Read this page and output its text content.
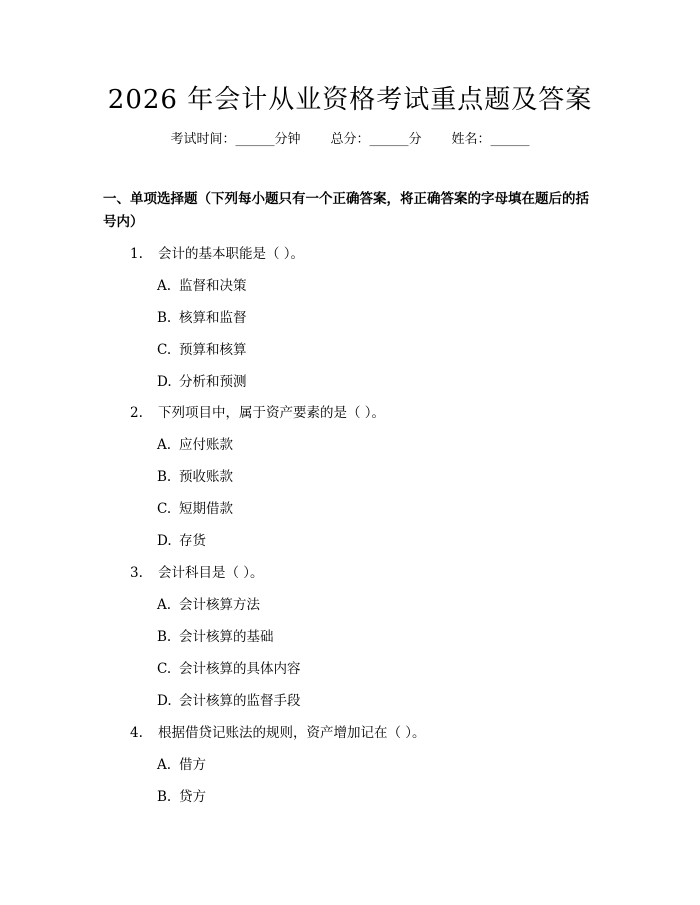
2026 年会计从业资格考试重点题及答案
考试时间：______分钟 总分：______分 姓名：______
一、单项选择题（下列每小题只有一个正确答案，将正确答案的字母填在题后的括号内）
1. 会计的基本职能是（ ）。
A. 监督和决策
B. 核算和监督
C. 预算和核算
D. 分析和预测
2. 下列项目中，属于资产要素的是（ ）。
A. 应付账款
B. 预收账款
C. 短期借款
D. 存货
3. 会计科目是（ ）。
A. 会计核算方法
B. 会计核算的基础
C. 会计核算的具体内容
D. 会计核算的监督手段
4. 根据借贷记账法的规则，资产增加记在（ ）。
A. 借方
B. 贷方
